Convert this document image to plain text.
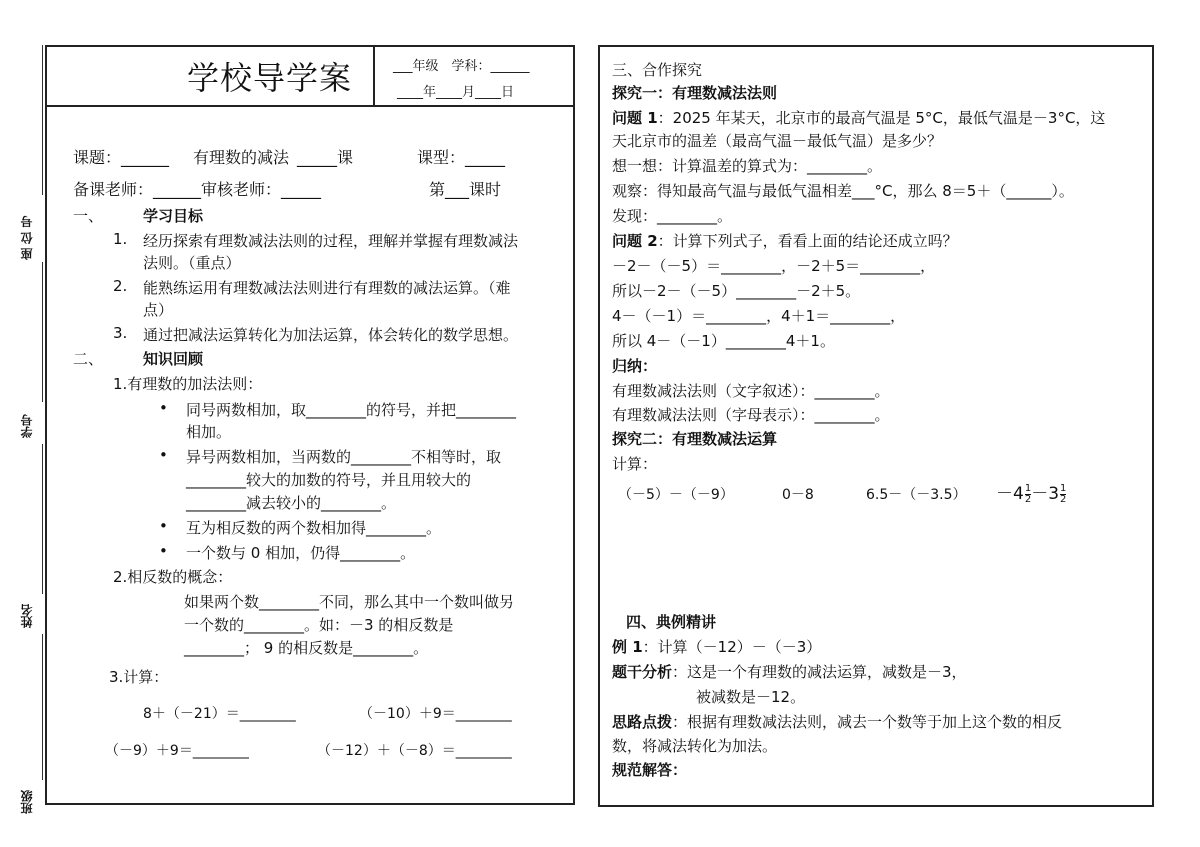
座 位 号
学号
姓名
班级
学校导学案	___年级　学科：______
____年____月____日
课题：______ 有理数的减法 _____课	课型：_____
备课老师：______审核老师：_____	第___课时
一、	学习目标
1. 经历探索有理数减法法则的过程，理解并掌握有理数减法
法则。（重点）
2. 能熟练运用有理数减法法则进行有理数的减法运算。（难
点）
3. 通过把减法运算转化为加法运算，体会转化的数学思想。
二、	知识回顾
1.有理数的加法法则：
• 同号两数相加，取________的符号，并把________
相加。
• 异号两数相加，当两数的________不相等时，取
________较大的加数的符号，并且用较大的
________减去较小的________。
• 互为相反数的两个数相加得________。
• 一个数与 0 相加，仍得________。
2.相反数的概念：
如果两个数________不同，那么其中一个数叫做另
一个数的________。如：－3 的相反数是
________； 9 的相反数是________。
3.计算：
8＋（－21）＝________	（－10）＋9＝________
（－9）＋9＝________	（－12）＋（－8）＝________
三、合作探究
探究一：有理数减法法则
问题 1：2025 年某天，北京市的最高气温是 5°C，最低气温是－3°C，这
天北京市的温差（最高气温－最低气温）是多少？
想一想：计算温差的算式为：________。
观察：得知最高气温与最低气温相差___°C，那么 8＝5＋（______）。
发现：________。
问题 2：计算下列式子，看看上面的结论还成立吗？
－2－（－5）＝________，－2＋5＝________，
所以－2－（－5）________－2＋5。
4－（－1）＝________，4＋1＝________，
所以 4－（－1）________4＋1。
归纳：
有理数减法法则（文字叙述）：________。
有理数减法法则（字母表示）：________。
探究二：有理数减法运算
计算：
（－5）－（－9）	0－8	$6.5-(-3.5) -4 \frac{1}{2} -3 \frac{1}{2}$
四、典例精讲
例 1：计算（－12）－（－3）
题干分析：这是一个有理数的减法运算，减数是－3，
被减数是－12。
思路点拨：根据有理数减法法则，减去一个数等于加上这个数的相反
数，将减法转化为加法。
规范解答：
